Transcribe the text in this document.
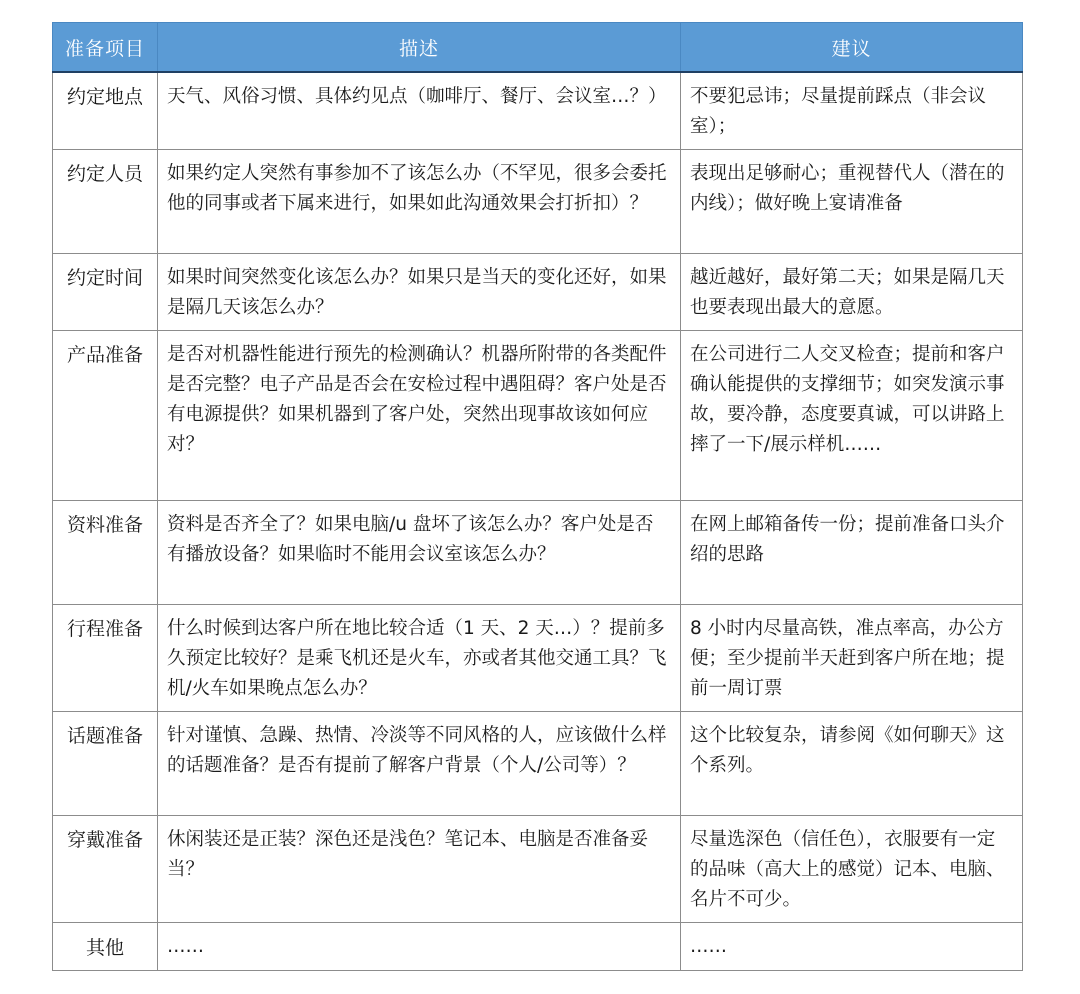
准备项目	描述	建议
约定地点	天气、风俗习惯、具体约见点（咖啡厅、餐厅、会议室…？）	不要犯忌讳；尽量提前踩点（非会议室）；
约定人员	如果约定人突然有事参加不了该怎么办（不罕见，很多会委托他的同事或者下属来进行，如果如此沟通效果会打折扣）？	表现出足够耐心；重视替代人（潜在的内线）；做好晚上宴请准备
约定时间	如果时间突然变化该怎么办？如果只是当天的变化还好，如果是隔几天该怎么办？	越近越好，最好第二天；如果是隔几天也要表现出最大的意愿。
产品准备	是否对机器性能进行预先的检测确认？机器所附带的各类配件是否完整？电子产品是否会在安检过程中遇阻碍？客户处是否有电源提供？如果机器到了客户处，突然出现事故该如何应对？	在公司进行二人交叉检查；提前和客户确认能提供的支撑细节；如突发演示事故，要冷静，态度要真诚，可以讲路上摔了一下/展示样机……
资料准备	资料是否齐全了？如果电脑/u 盘坏了该怎么办？客户处是否有播放设备？如果临时不能用会议室该怎么办？	在网上邮箱备传一份；提前准备口头介绍的思路
行程准备	什么时候到达客户所在地比较合适（1 天、2 天…）？提前多久预定比较好？是乘飞机还是火车，亦或者其他交通工具？飞机/火车如果晚点怎么办？	8 小时内尽量高铁，准点率高，办公方便；至少提前半天赶到客户所在地；提前一周订票
话题准备	针对谨慎、急躁、热情、冷淡等不同风格的人，应该做什么样的话题准备？是否有提前了解客户背景（个人/公司等）？	这个比较复杂，请参阅《如何聊天》这个系列。
穿戴准备	休闲装还是正装？深色还是浅色？笔记本、电脑是否准备妥当？	尽量选深色（信任色），衣服要有一定的品味（高大上的感觉）记本、电脑、名片不可少。
其他	……	……
